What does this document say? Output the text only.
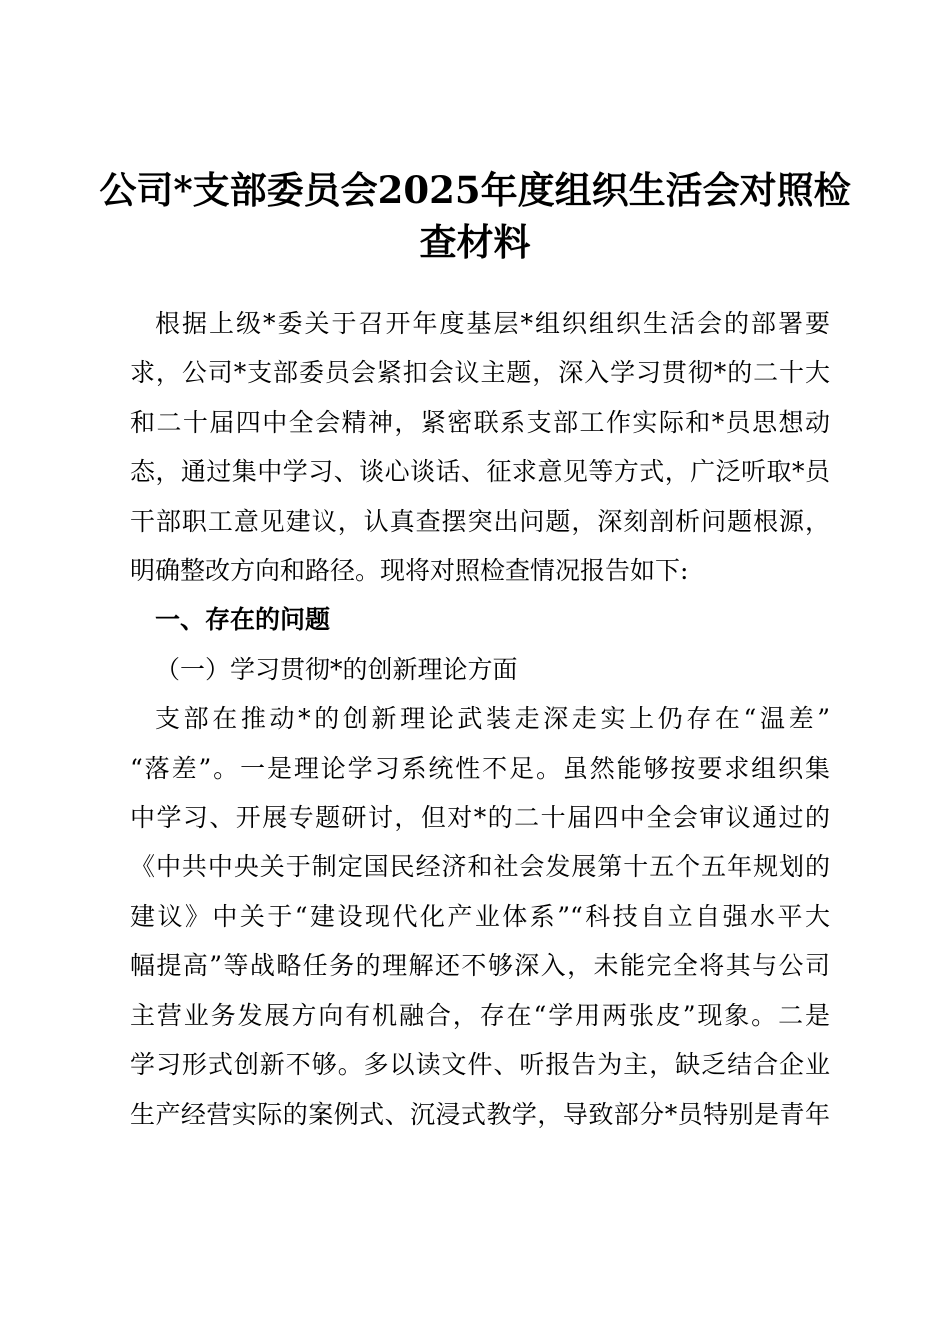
公司*支部委员会2025年度组织生活会对照检
查材料
根据上级*委关于召开年度基层*组织组织生活会的部署要
求，公司*支部委员会紧扣会议主题，深入学习贯彻*的二十大
和二十届四中全会精神，紧密联系支部工作实际和*员思想动
态，通过集中学习、谈心谈话、征求意见等方式，广泛听取*员
干部职工意见建议，认真查摆突出问题，深刻剖析问题根源，
明确整改方向和路径。现将对照检查情况报告如下:
一、存在的问题
（一）学习贯彻*的创新理论方面
支部在推动*的创新理论武装走深走实上仍存在“温差”
“落差”。一是理论学习系统性不足。虽然能够按要求组织集
中学习、开展专题研讨，但对*的二十届四中全会审议通过的
《中共中央关于制定国民经济和社会发展第十五个五年规划的
建议》中关于“建设现代化产业体系”“科技自立自强水平大
幅提高”等战略任务的理解还不够深入，未能完全将其与公司
主营业务发展方向有机融合，存在“学用两张皮”现象。二是
学习形式创新不够。多以读文件、听报告为主，缺乏结合企业
生产经营实际的案例式、沉浸式教学，导致部分*员特别是青年
